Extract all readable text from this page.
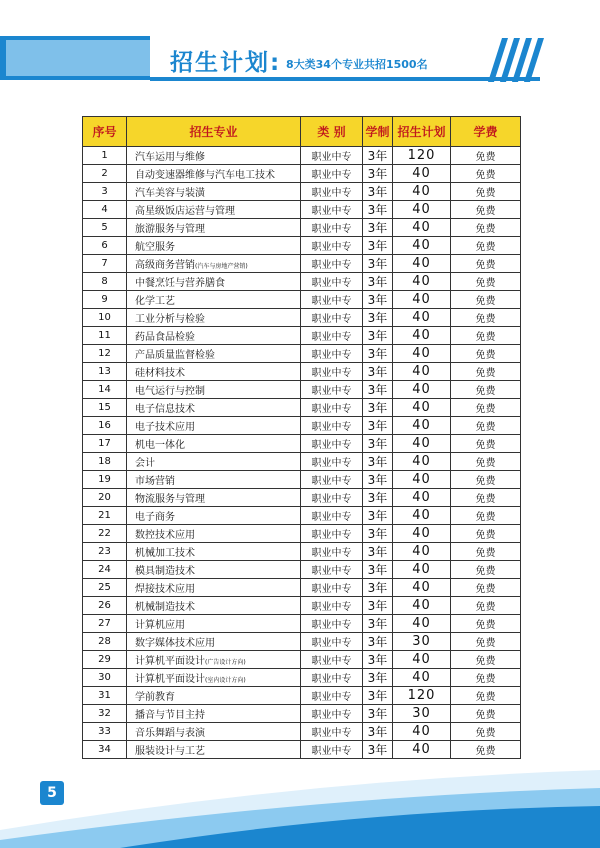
招生计划: 8大类34个专业共招1500名
序号	招生专业	类 别	学制	招生计划	学费
1	汽车运用与维修	职业中专	3年	120	免费
2	自动变速器维修与汽车电工技术	职业中专	3年	40	免费
3	汽车美容与装潢	职业中专	3年	40	免费
4	高星级饭店运营与管理	职业中专	3年	40	免费
5	旅游服务与管理	职业中专	3年	40	免费
6	航空服务	职业中专	3年	40	免费
7	高级商务营销(汽车与房地产营销)	职业中专	3年	40	免费
8	中餐烹饪与营养膳食	职业中专	3年	40	免费
9	化学工艺	职业中专	3年	40	免费
10	工业分析与检验	职业中专	3年	40	免费
11	药品食品检验	职业中专	3年	40	免费
12	产品质量监督检验	职业中专	3年	40	免费
13	硅材料技术	职业中专	3年	40	免费
14	电气运行与控制	职业中专	3年	40	免费
15	电子信息技术	职业中专	3年	40	免费
16	电子技术应用	职业中专	3年	40	免费
17	机电一体化	职业中专	3年	40	免费
18	会计	职业中专	3年	40	免费
19	市场营销	职业中专	3年	40	免费
20	物流服务与管理	职业中专	3年	40	免费
21	电子商务	职业中专	3年	40	免费
22	数控技术应用	职业中专	3年	40	免费
23	机械加工技术	职业中专	3年	40	免费
24	模具制造技术	职业中专	3年	40	免费
25	焊接技术应用	职业中专	3年	40	免费
26	机械制造技术	职业中专	3年	40	免费
27	计算机应用	职业中专	3年	40	免费
28	数字媒体技术应用	职业中专	3年	30	免费
29	计算机平面设计(广告设计方向)	职业中专	3年	40	免费
30	计算机平面设计(室内设计方向)	职业中专	3年	40	免费
31	学前教育	职业中专	3年	120	免费
32	播音与节目主持	职业中专	3年	30	免费
33	音乐舞蹈与表演	职业中专	3年	40	免费
34	服装设计与工艺	职业中专	3年	40	免费
5
